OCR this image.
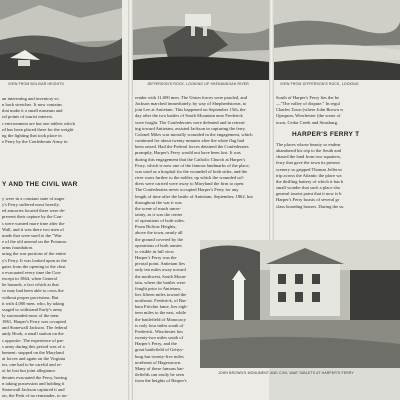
VIEW FROM BOLIVAR HEIGHTS

an interesting and inventory so

n back stretches. It now contains

that make it a small museum and

ral points of tourist interest.

r environment are but one tablets which

rd has been placed there for the weight

ng the lighting that took place in

e Ferry by the Confederate Army in

Y AND THE CIVIL WAR

y were in a constant state of anger

y's Ferry suffered most heavily.

ed armories located there were de-

prevent their capture by the Con-

s were wanted more time after the

Wall, and it was there two men of

made that were used to the "War

e of the old arsenal on the Potomac

arms foundation.

uring the war portions of the entire

y's Ferry. It was looked upon as the

gates from the opening to the clust

e evacuated every time the Con-

except in 1864, when General

he hazards, a fact which at that

ce may had been able to cross the

without proper provisions. But

it with 4,000 men, who, by taking

ssaged to withstand Early's army

ly surrounded most of the men.

1861, Harper's Ferry was occupied

and Stonewall Jackson. The federal

andy Hook, a small station on the

s opposite. The experience of par-

s army during this period was of a

bement: stopped on the Maryland

at forces and again on the Virginia

ies, one had to be careful and re-

ot be lost but joint allegiance.

derates evacuated the Ferry, having

n taking possession and holding it

Stonewall Jackson captured it and

on, the Feds of no remainder, to no-

JEFFERSON'S ROCK, LOOKING UP SHENANDOAH RIVER

render with 11,000 men. The Union forces were paroled, and

Jackson marched immediately, by way of Shepherdstown, to

join Lee at Antietam. This happened on September 15th, the

day after the two battles of South Mountain near Frederick

were fought. The Confederates were defeated and in retreat-

ing toward Antietam, assisted Jackson in capturing the ferry.

Colonel Miles was mortally wounded in the engagement, which

continued for about twenty minutes after the white flag had

been raised. Had the Federal forces detained the Confederates

promptly, Harper's Ferry would not have been lost. It was

during this engagement that the Catholic Church at Harper's

Ferry, which is now one of the famous landmarks of the place,

was used as a hospital for the wounded of both sides, and the

river roses further to the nobler, up which the wounded sol-

diers were carried were away to Maryland the firm to open.

The Confederates never occupied Harper's Ferry for any

length of time after the battle of Antietam, September, 1862, but

throughout the war it was

the scene of much uncer-

tainty, as it was the center

of operations of both sides.

From Bolivar Heights,

above the town, nearly all

the ground covered by the

operations of both armies

is visible in full view.

Harper's Ferry was the

pivotal point. Antietam lies

only ten miles away toward

the northwest, South Moun-

tain, where the battles were

fought prior to Antietam,

lies fifteen miles toward the

northeast. Frederick, of Bar-

bara Fritchie fame, lies eigh-

teen miles to the east, while

the battlefield of Monocacy

is only four miles south of

Frederick. Winchester lies

twenty-two miles south of

Harper's Ferry, and the

great battlefield of Gettys-

burg but twenty-five miles

northeast of Hagerstown.

Many of these famous bat-

tlefields can easily be seen

from the heights of Harper's

JOHN BROWN'S MONUMENT AND CIVIL WAR TABLETS AT HARPER'S FERRY
VIEW FROM JEFFERSON'S ROCK, LOOKING

South of Harper's Ferry lies the be

—"The valley of dispute." In regul

Charles Town (where John Brown w

Opequon, Winchester (the scene of

town, Cedar Creek and Strasburg.

HARPER'S FERRY T

The places whose beauty so endear

abandoned his trip to the South and

chased the land from two squatters,

ferry that gave the town its present

scenery so gripped Thomas Jefferso

trip across the Atlantic the place wa

the thrilling battery of which it has b

small wonder that such a place sho

general tourist point that it now is b

Harper's Ferry boasts of several gr

class boarding houses. During the su
